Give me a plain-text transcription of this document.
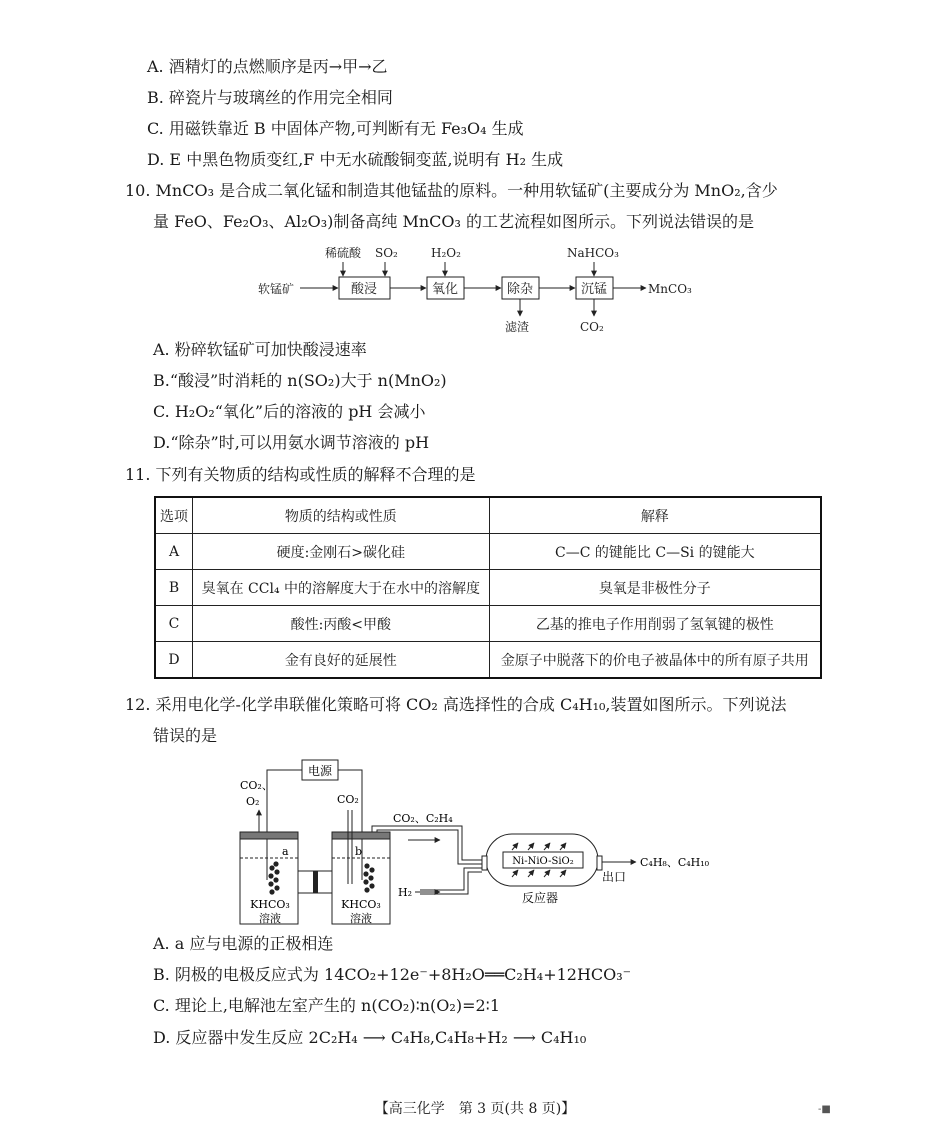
A. 酒精灯的点燃顺序是丙→甲→乙
B. 碎瓷片与玻璃丝的作用完全相同
C. 用磁铁靠近 B 中固体产物,可判断有无 Fe₃O₄ 生成
D. E 中黑色物质变红,F 中无水硫酸铜变蓝,说明有 H₂ 生成
10. MnCO₃ 是合成二氧化锰和制造其他锰盐的原料。一种用软锰矿(主要成分为 MnO₂,含少
量 FeO、Fe₂O₃、Al₂O₃)制备高纯 MnCO₃ 的工艺流程如图所示。下列说法错误的是
稀硫酸 SO₂	H₂O₂	NaHCO₃
软锰矿	MnCO₃
滤渣	CO₂
酸浸	氧化	除杂	沉锰
A. 粉碎软锰矿可加快酸浸速率
B.“酸浸”时消耗的 n(SO₂)大于 n(MnO₂)
C. H₂O₂“氧化”后的溶液的 pH 会减小
D.“除杂”时,可以用氨水调节溶液的 pH
11. 下列有关物质的结构或性质的解释不合理的是
选项	物质的结构或性质	解释
A	硬度:金刚石>碳化硅	C—C 的键能比 C—Si 的键能大
B	臭氧在 CCl₄ 中的溶解度大于在水中的溶解度	臭氧是非极性分子
C	酸性:丙酸<甲酸	乙基的推电子作用削弱了氢氧键的极性
D	金有良好的延展性	金原子中脱落下的价电子被晶体中的所有原子共用
12. 采用电化学-化学串联催化策略可将 CO₂ 高选择性的合成 C₄H₁₀,装置如图所示。下列说法
错误的是
电源
a
KHCO₃
溶液
CO₂、
O₂
b
KHCO₃
溶液
CO₂
CO₂、C₂H₄
H₂
Ni-NiO-SiO₂	C₄H₈、C₄H₁₀
出口
反应器
A. a 应与电源的正极相连
B. 阴极的电极反应式为 14CO₂+12e⁻+8H₂O══C₂H₄+12HCO₃⁻
C. 理论上,电解池左室产生的 n(CO₂)∶n(O₂)=2∶1
D. 反应器中发生反应 2C₂H₄ ⟶ C₄H₈,C₄H₈+H₂ ⟶ C₄H₁₀
【高三化学　第 3 页(共 8 页)】	-■
